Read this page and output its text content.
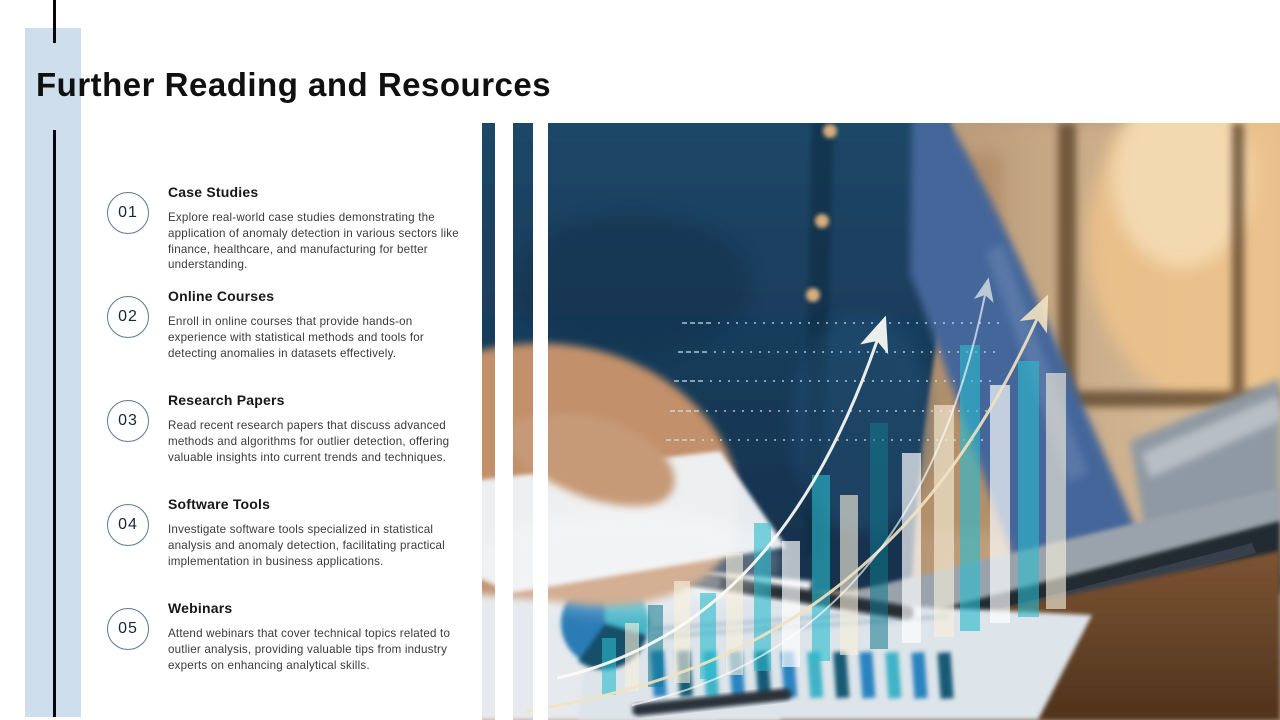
Further Reading and Resources
01
Case Studies

Explore real-world case studies demonstrating the application of anomaly detection in various sectors like finance, healthcare, and manufacturing for better understanding.

02
Online Courses

Enroll in online courses that provide hands-on experience with statistical methods and tools for detecting anomalies in datasets effectively.

03
Research Papers

Read recent research papers that discuss advanced methods and algorithms for outlier detection, offering valuable insights into current trends and techniques.

04
Software Tools

Investigate software tools specialized in statistical analysis and anomaly detection, facilitating practical implementation in business applications.

05
Webinars

Attend webinars that cover technical topics related to outlier analysis, providing valuable tips from industry experts on enhancing analytical skills.
